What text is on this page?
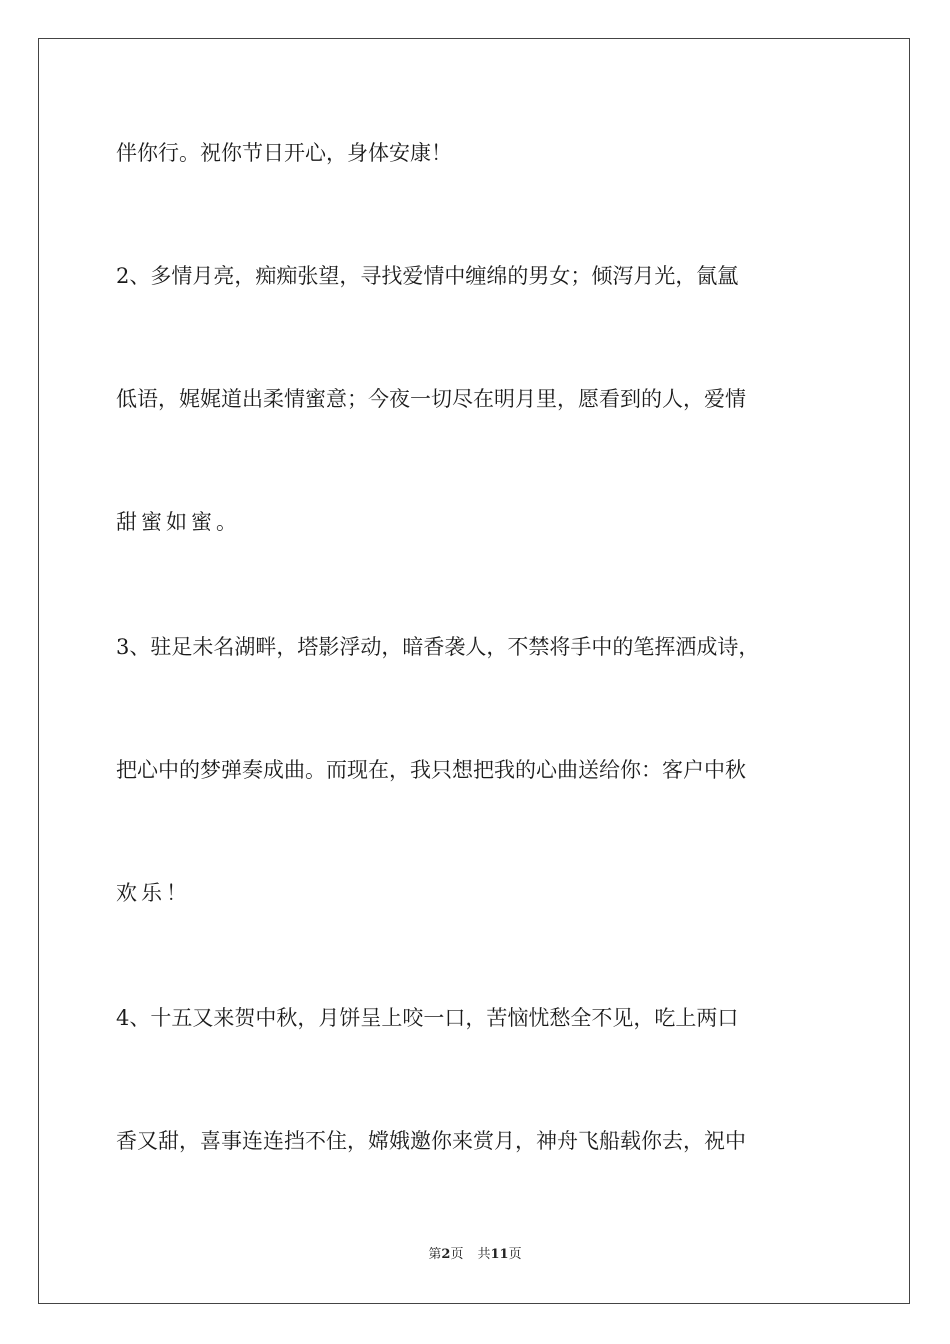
伴你行。祝你节日开心，身体安康！
2、多情月亮，痴痴张望，寻找爱情中缠绵的男女；倾泻月光，氤氲
低语，娓娓道出柔情蜜意；今夜一切尽在明月里，愿看到的人，爱情
甜蜜如蜜。
3、驻足未名湖畔，塔影浮动，暗香袭人，不禁将手中的笔挥洒成诗，
把心中的梦弹奏成曲。而现在，我只想把我的心曲送给你：客户中秋
欢乐！
4、十五又来贺中秋，月饼呈上咬一口，苦恼忧愁全不见，吃上两口
香又甜，喜事连连挡不住，嫦娥邀你来赏月，神舟飞船载你去，祝中
第2页 共11页
